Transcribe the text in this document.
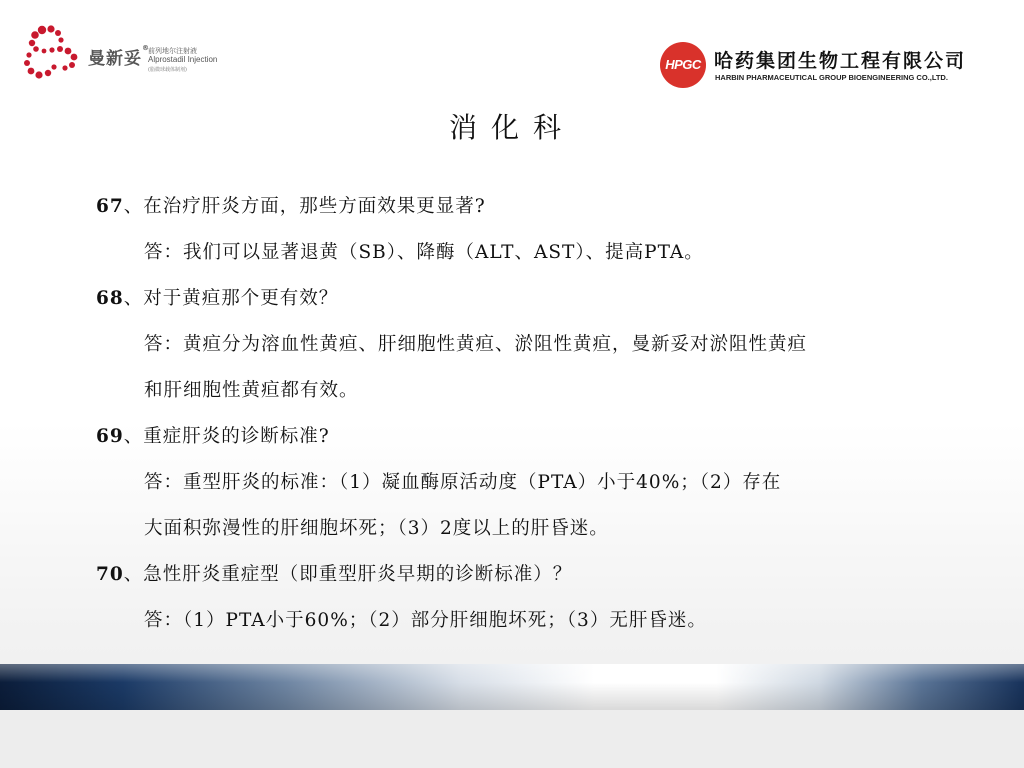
曼新妥®
前列地尔注射液
Alprostadil Injection
(脂微球载体制剂)	HPGC 哈药集团生物工程有限公司
HARBIN PHARMACEUTICAL GROUP BIOENGINEERING CO.,LTD.
消化科
67、在治疗肝炎方面，那些方面效果更显著?
答：我们可以显著退黄（SB）、降酶（ALT、AST）、提高PTA。
68、对于黄疸那个更有效？
答：黄疸分为溶血性黄疸、肝细胞性黄疸、淤阻性黄疸，曼新妥对淤阻性黄疸
和肝细胞性黄疸都有效。
69、重症肝炎的诊断标准?
答：重型肝炎的标准：（1）凝血酶原活动度（PTA）小于40%；（2）存在
大面积弥漫性的肝细胞坏死；（3）2度以上的肝昏迷。
70、急性肝炎重症型（即重型肝炎早期的诊断标准）？
答：（1）PTA小于60%；（2）部分肝细胞坏死；（3）无肝昏迷。
